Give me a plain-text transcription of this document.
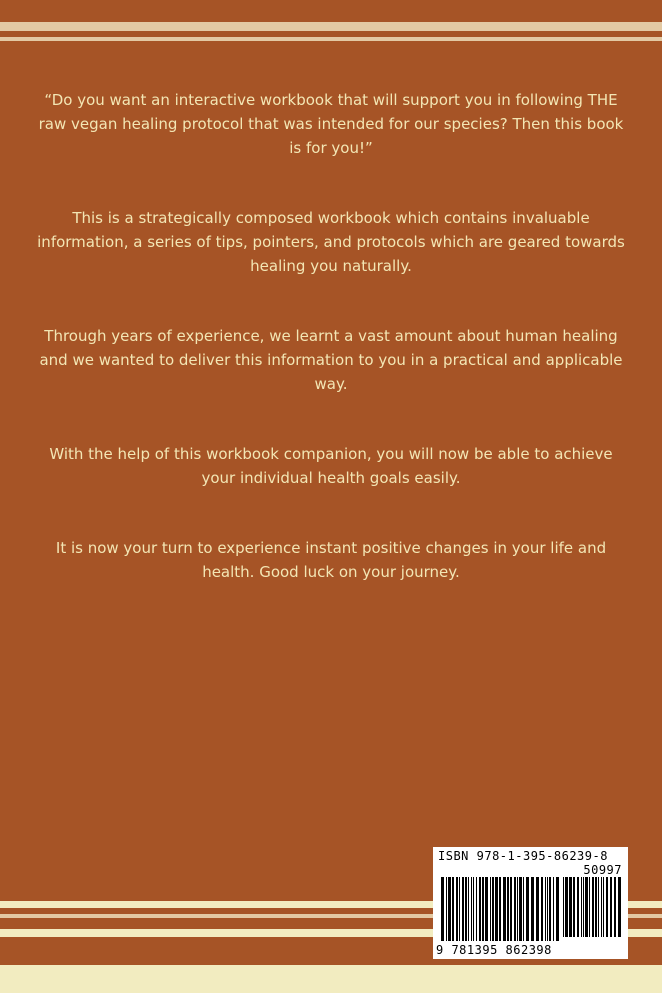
“Do you want an interactive workbook that will support you in following THE raw vegan healing protocol that was intended for our species? Then this book is for you!”

This is a strategically composed workbook which contains invaluable information, a series of tips, pointers, and protocols which are geared towards healing you naturally.

Through years of experience, we learnt a vast amount about human healing and we wanted to deliver this information to you in a practical and applicable way.

With the help of this workbook companion, you will now be able to achieve your individual health goals easily.

It is now your turn to experience instant positive changes in your life and health. Good luck on your journey.

ISBN 978-1-395-86239-8
50997
9 781395 862398
